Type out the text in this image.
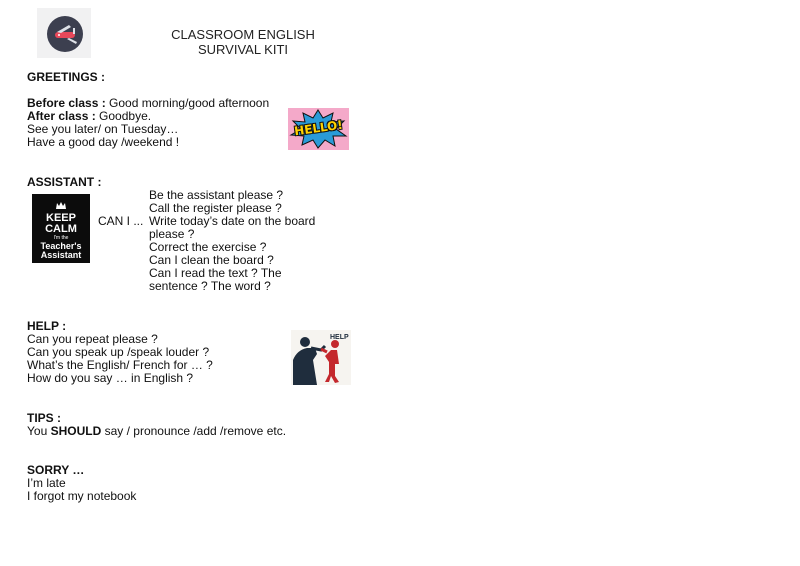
CLASSROOM ENGLISH
SURVIVAL KITI
GREETINGS :
Before class : Good morning/good afternoon
After class : Goodbye.
See you later/ on Tuesday…
Have a good day /weekend !
HELLO!
ASSISTANT :
KEEP
CALM
I'm the
Teacher's
Assistant
CAN I ...
Be the assistant please ?
Call the register please ?
Write today’s date on the board
please ?
Correct the exercise ?
Can I clean the board ?
Can I read the text ? The
sentence ? The word ?
HELP :
Can you repeat please ?
Can you speak up /speak louder ?
What’s the English/ French for … ?
How do you say … in English ?
HELP
TIPS :
You SHOULD say / pronounce /add /remove etc.
SORRY …
I’m late
I forgot my notebook
